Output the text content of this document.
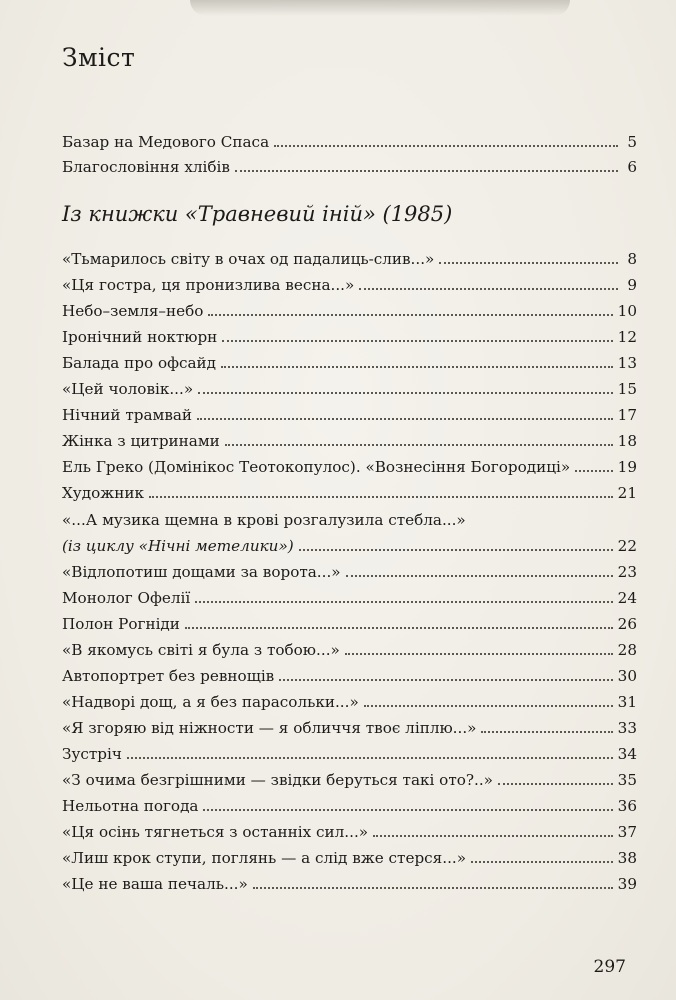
Зміст
Базар на Медового Спаса	5
Благословіння хлібів	6
Із книжки «Травневий іній» (1985)
«Тьмарилось світу в очах од падалиць-слив...»	8
«Ця гостра, ця пронизлива весна...»	9
Небо–земля–небо	10
Іронічний ноктюрн	12
Балада про офсайд	13
«Цей чоловік...»	15
Нічний трамвай	17
Жінка з цитринами	18
Ель Греко (Домінікос Теотокопулос). «Вознесіння Богородиці»	19
Художник	21
«...А музика щемна в крові розгалузила стебла...»
(із циклу «Нічні метелики»)	22
«Відлопотиш дощами за ворота...»	23
Монолог Офелії	24
Полон Рогніди	26
«В якомусь світі я була з тобою...»	28
Автопортрет без ревнощів	30
«Надворі дощ, а я без парасольки...»	31
«Я згоряю від ніжности — я обличчя твоє ліплю...»	33
Зустріч	34
«З очима безгрішними — звідки беруться такі ото?..»	35
Нельотна погода	36
«Ця осінь тягнеться з останніх сил...»	37
«Лиш крок ступи, поглянь — а слід вже стерся...»	38
«Це не ваша печаль...»	39
297
